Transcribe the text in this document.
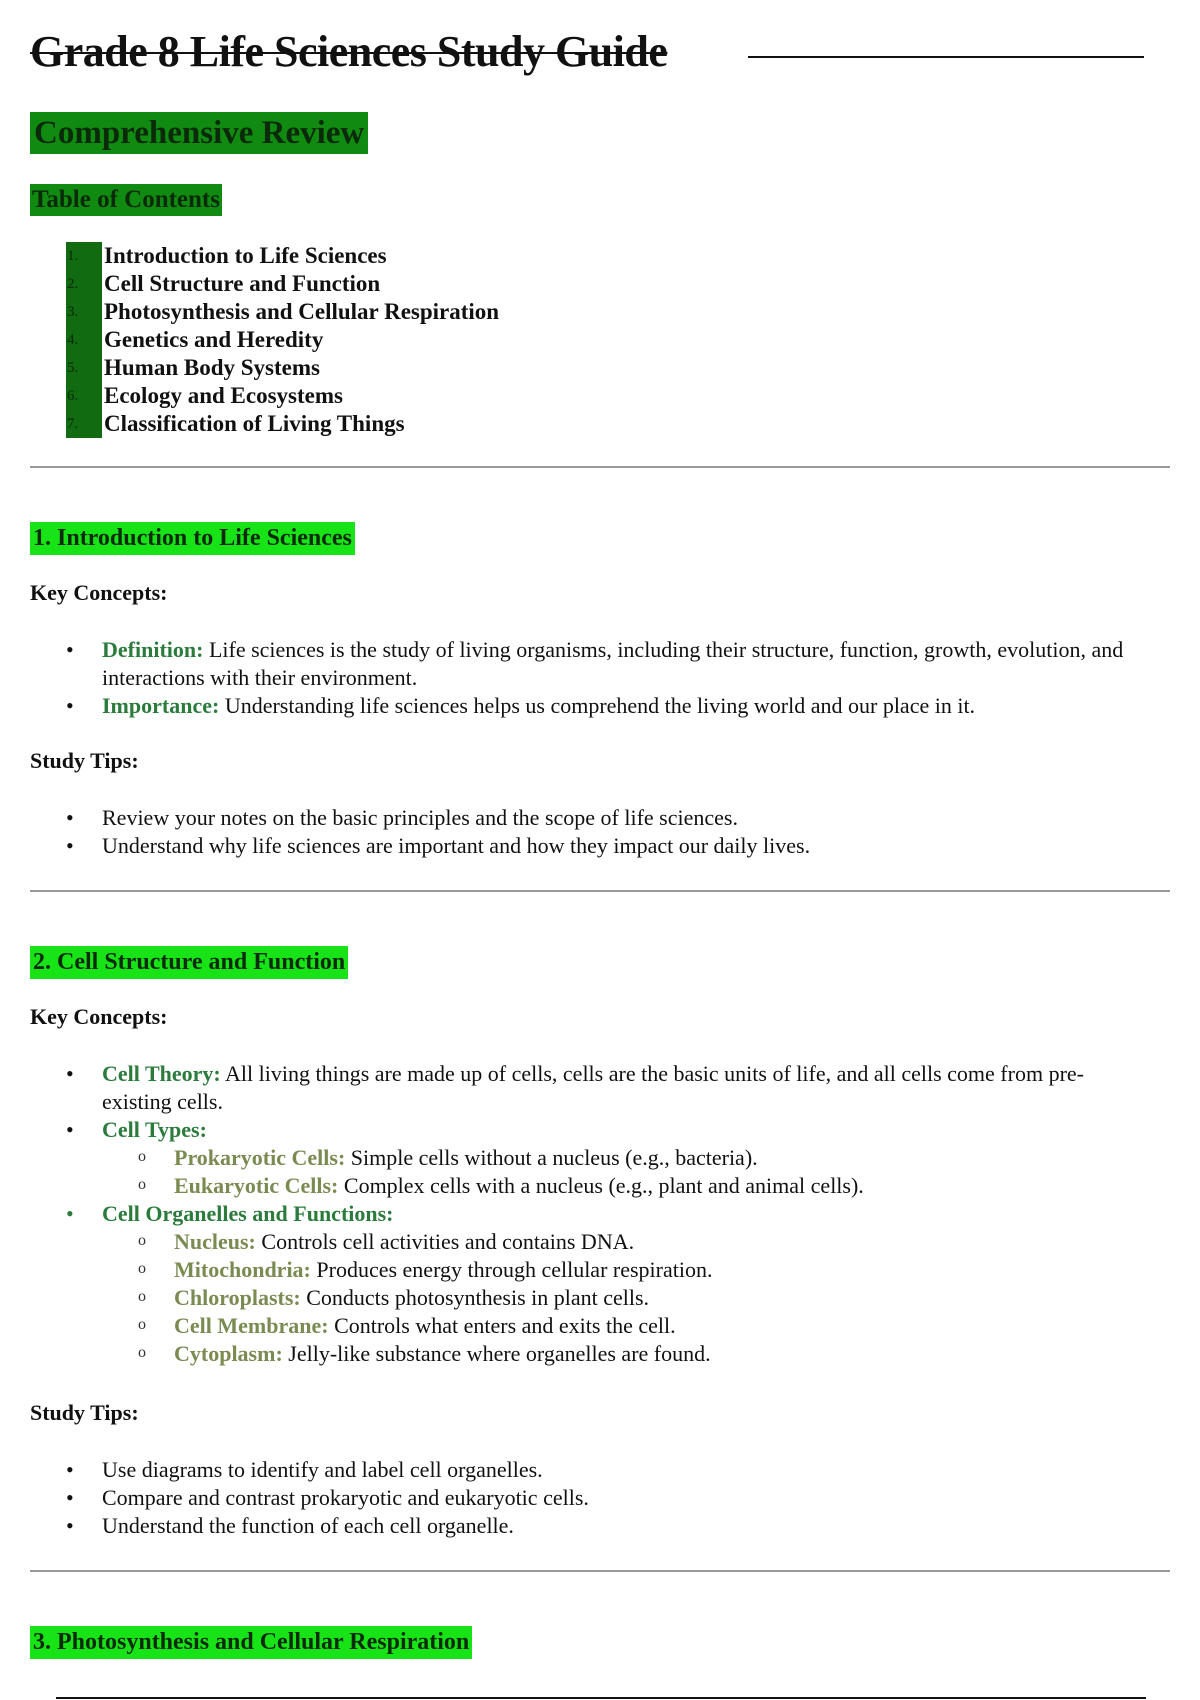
Grade 8 Life Sciences Study Guide
Comprehensive Review
Table of Contents
1.	Introduction to Life Sciences
2.	Cell Structure and Function
3.	Photosynthesis and Cellular Respiration
4.	Genetics and Heredity
5.	Human Body Systems
6.	Ecology and Ecosystems
7.	Classification of Living Things
1. Introduction to Life Sciences

Key Concepts:

• Definition: Life sciences is the study of living organisms, including their structure, function, growth, evolution, and interactions with their environment.
• Importance: Understanding life sciences helps us comprehend the living world and our place in it.

Study Tips:

• Review your notes on the basic principles and the scope of life sciences.
• Understand why life sciences are important and how they impact our daily lives.
2. Cell Structure and Function

Key Concepts:

• Cell Theory: All living things are made up of cells, cells are the basic units of life, and all cells come from pre-existing cells.
• Cell Types:
o Prokaryotic Cells: Simple cells without a nucleus (e.g., bacteria).
o Eukaryotic Cells: Complex cells with a nucleus (e.g., plant and animal cells).
• Cell Organelles and Functions:
o Nucleus: Controls cell activities and contains DNA.
o Mitochondria: Produces energy through cellular respiration.
o Chloroplasts: Conducts photosynthesis in plant cells.
o Cell Membrane: Controls what enters and exits the cell.
o Cytoplasm: Jelly-like substance where organelles are found.

Study Tips:

• Use diagrams to identify and label cell organelles.
• Compare and contrast prokaryotic and eukaryotic cells.
• Understand the function of each cell organelle.
3. Photosynthesis and Cellular Respiration
